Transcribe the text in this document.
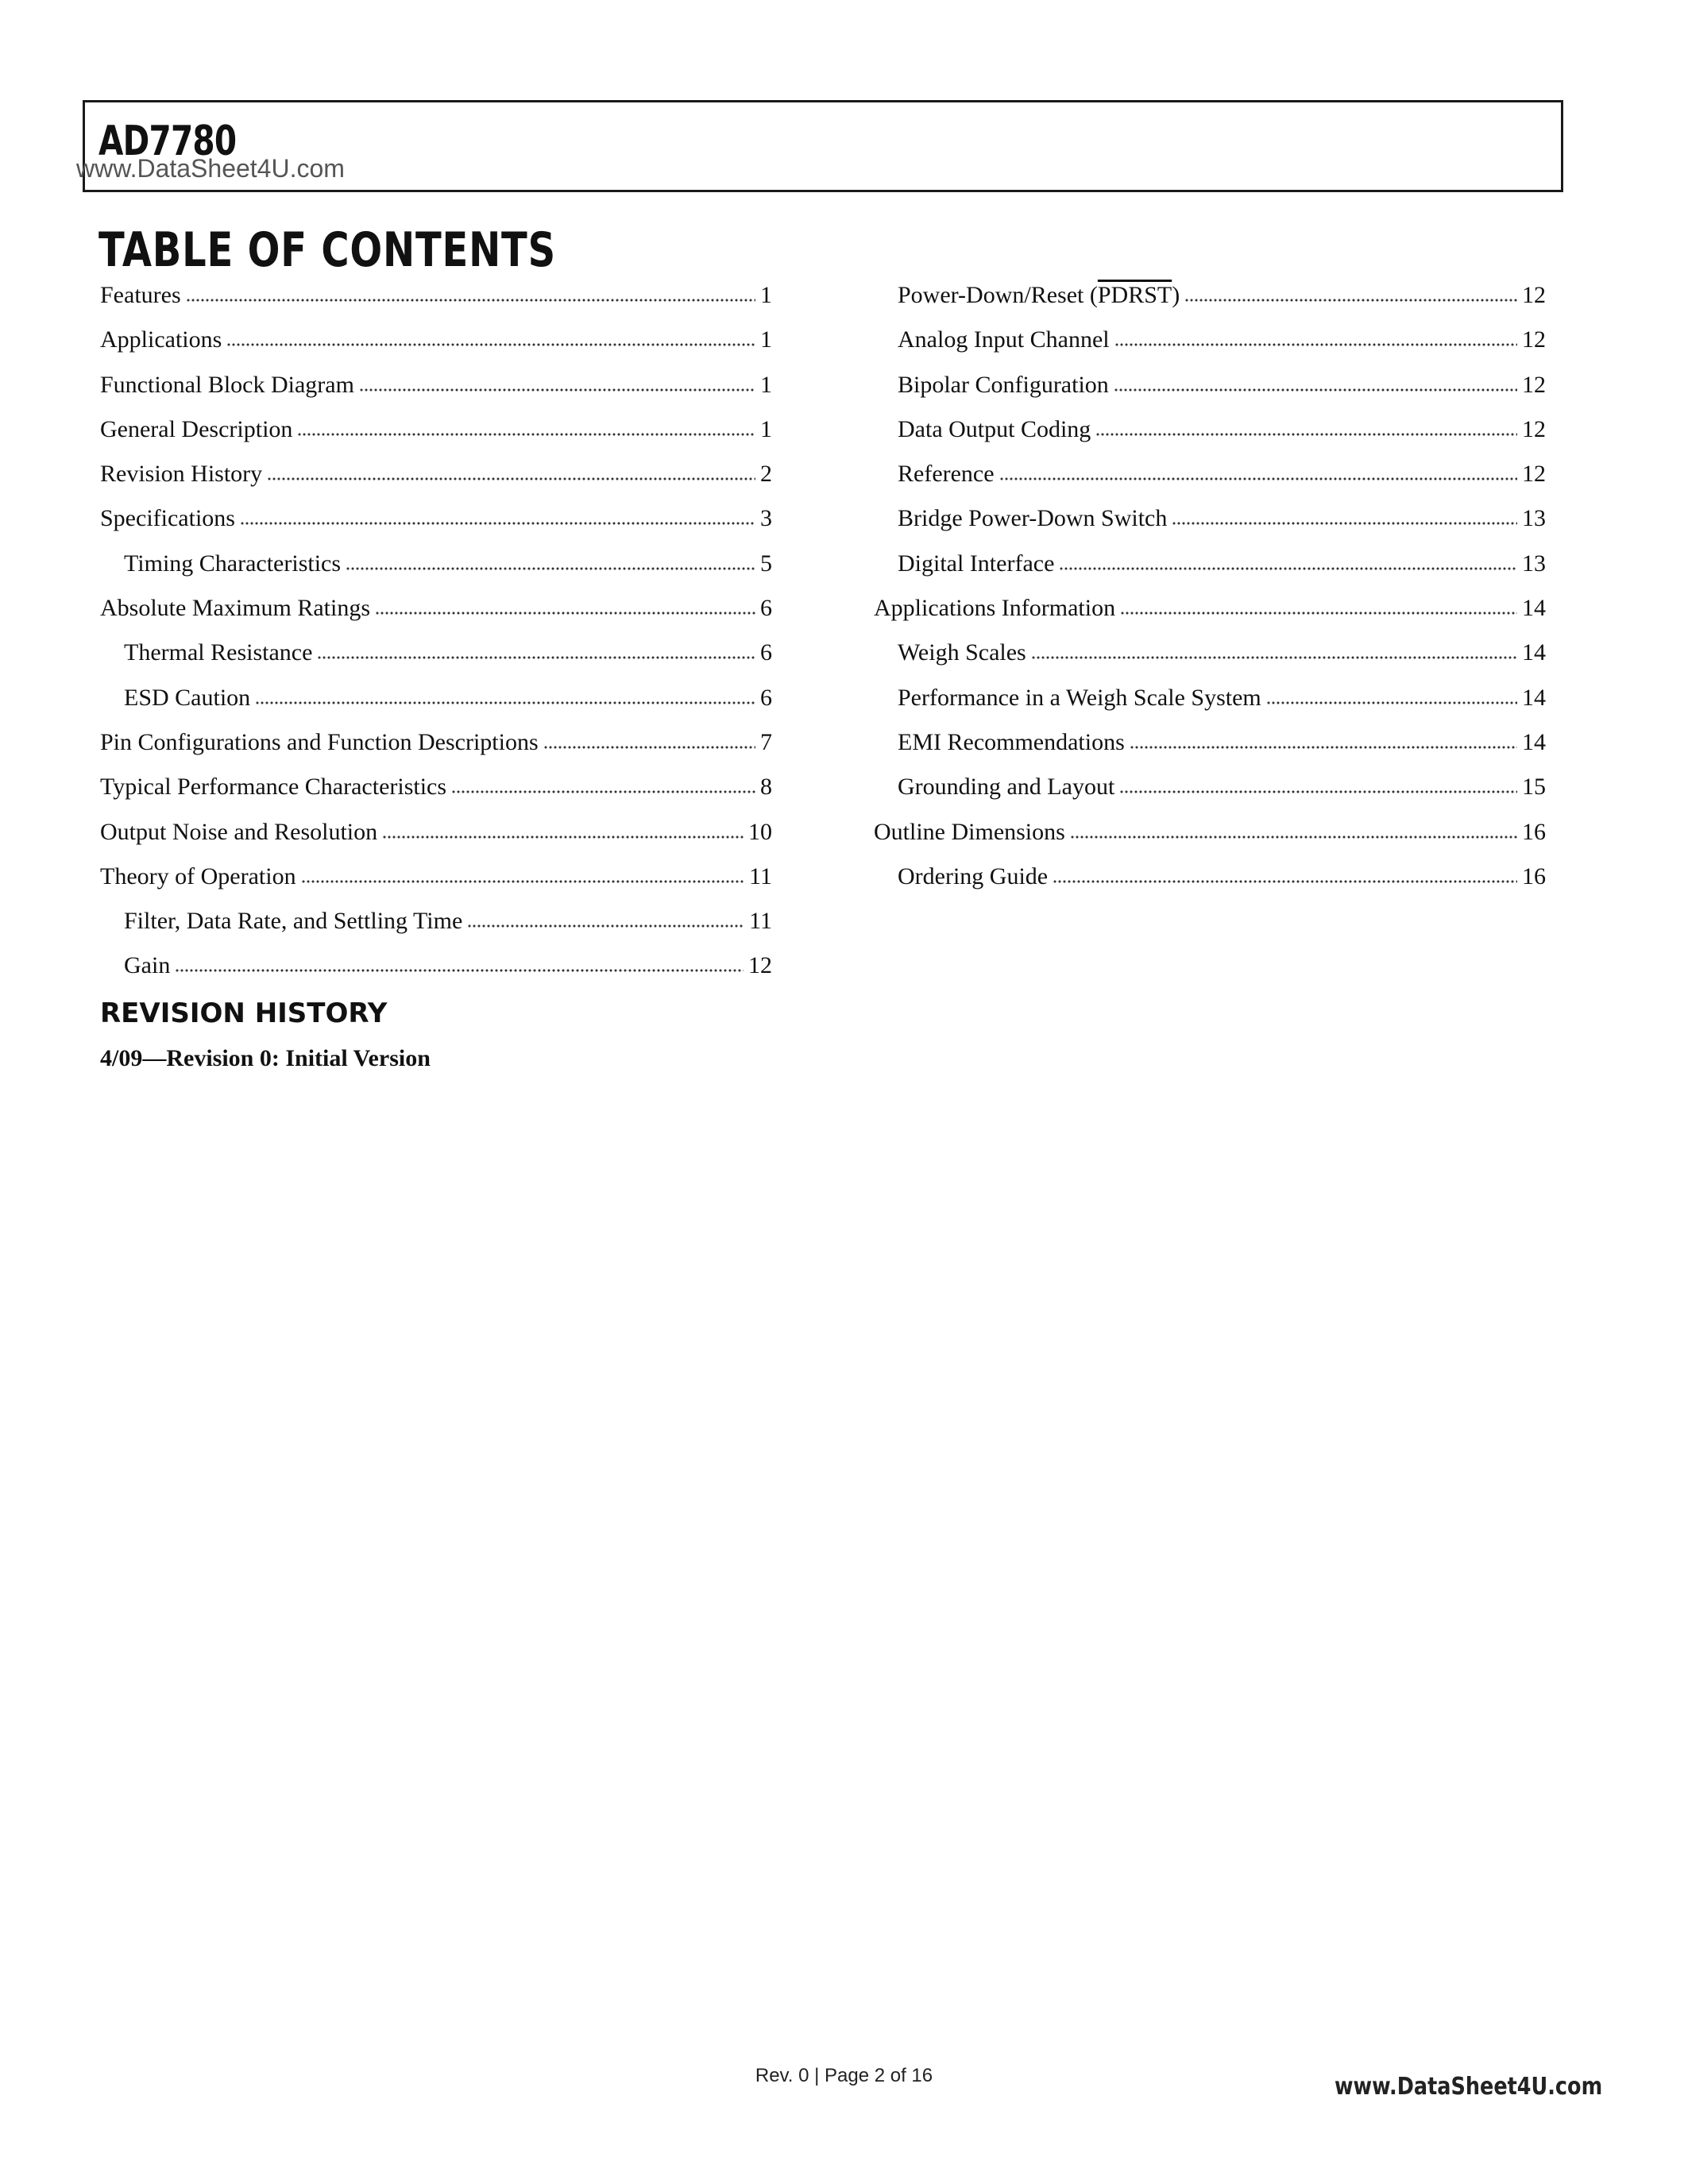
AD7780
www.DataSheet4U.com
TABLE OF CONTENTS
Features	1
Applications	1
Functional Block Diagram	1
General Description	1
Revision History	2
Specifications	3
Timing Characteristics	5
Absolute Maximum Ratings	6
Thermal Resistance	6
ESD Caution	6
Pin Configurations and Function Descriptions	7
Typical Performance Characteristics	8
Output Noise and Resolution	10
Theory of Operation	11
Filter, Data Rate, and Settling Time	11
Gain	12
Power-Down/Reset (PDRST)	12
Analog Input Channel	12
Bipolar Configuration	12
Data Output Coding	12
Reference	12
Bridge Power-Down Switch	13
Digital Interface	13
Applications Information	14
Weigh Scales	14
Performance in a Weigh Scale System	14
EMI Recommendations	14
Grounding and Layout	15
Outline Dimensions	16
Ordering Guide	16
REVISION HISTORY
4/09—Revision 0: Initial Version
Rev. 0 | Page 2 of 16	www.DataSheet4U.com
